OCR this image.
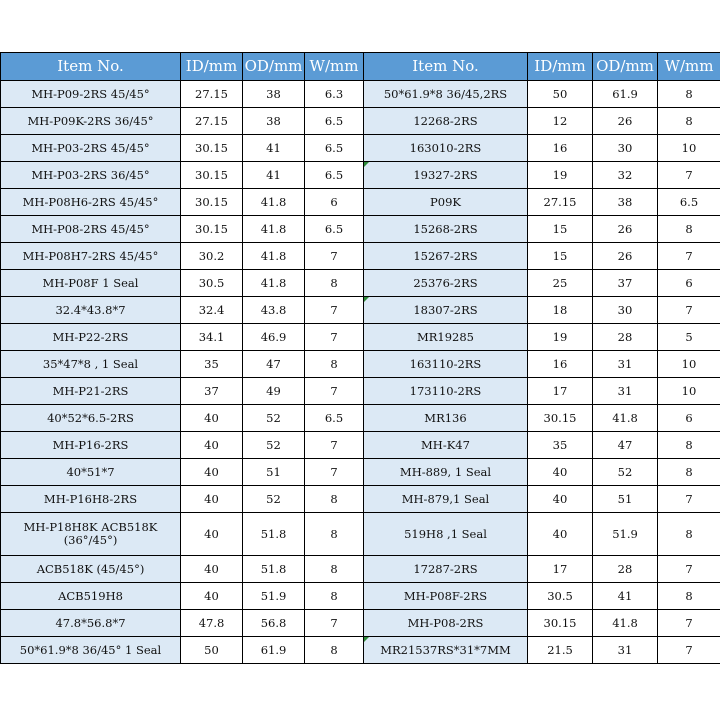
Item No.	ID/mm	OD/mm	W/mm	Item No.	ID/mm	OD/mm	W/mm
MH-P09-2RS 45/45°	27.15	38	6.3	50*61.9*8 36/45,2RS	50	61.9	8
MH-P09K-2RS 36/45°	27.15	38	6.5	12268-2RS	12	26	8
MH-P03-2RS 45/45°	30.15	41	6.5	163010-2RS	16	30	10
MH-P03-2RS 36/45°	30.15	41	6.5	19327-2RS	19	32	7
MH-P08H6-2RS 45/45°	30.15	41.8	6	P09K	27.15	38	6.5
MH-P08-2RS 45/45°	30.15	41.8	6.5	15268-2RS	15	26	8
MH-P08H7-2RS 45/45°	30.2	41.8	7	15267-2RS	15	26	7
MH-P08F 1 Seal	30.5	41.8	8	25376-2RS	25	37	6
32.4*43.8*7	32.4	43.8	7	18307-2RS	18	30	7
MH-P22-2RS	34.1	46.9	7	MR19285	19	28	5
35*47*8 , 1 Seal	35	47	8	163110-2RS	16	31	10
MH-P21-2RS	37	49	7	173110-2RS	17	31	10
40*52*6.5-2RS	40	52	6.5	MR136	30.15	41.8	6
MH-P16-2RS	40	52	7	MH-K47	35	47	8
40*51*7	40	51	7	MH-889, 1 Seal	40	52	8
MH-P16H8-2RS	40	52	8	MH-879,1 Seal	40	51	7
MH-P18H8K ACB518K (36°/45°)	40	51.8	8	519H8 ,1 Seal	40	51.9	8
ACB518K (45/45°)	40	51.8	8	17287-2RS	17	28	7
ACB519H8	40	51.9	8	MH-P08F-2RS	30.5	41	8
47.8*56.8*7	47.8	56.8	7	MH-P08-2RS	30.15	41.8	7
50*61.9*8 36/45° 1 Seal	50	61.9	8	MR21537RS*31*7MM	21.5	31	7
